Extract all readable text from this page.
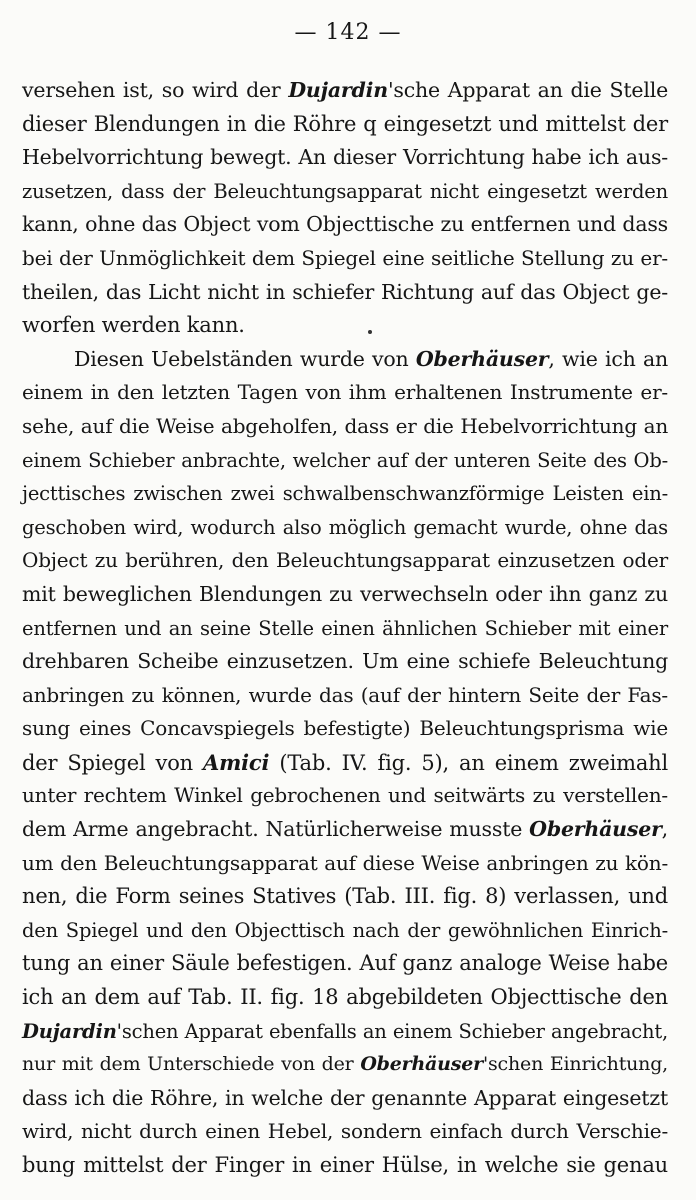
— 142 —
versehen ist, so wird der Dujardin'sche Apparat an die Stelle
dieser Blendungen in die Röhre q eingesetzt und mittelst der
Hebelvorrichtung bewegt. An dieser Vorrichtung habe ich aus-
zusetzen, dass der Beleuchtungsapparat nicht eingesetzt werden
kann, ohne das Object vom Objecttische zu entfernen und dass
bei der Unmöglichkeit dem Spiegel eine seitliche Stellung zu er-
theilen, das Licht nicht in schiefer Richtung auf das Object ge-
worfen werden kann.
Diesen Uebelständen wurde von Oberhäuser, wie ich an
einem in den letzten Tagen von ihm erhaltenen Instrumente er-
sehe, auf die Weise abgeholfen, dass er die Hebelvorrichtung an
einem Schieber anbrachte, welcher auf der unteren Seite des Ob-
jecttisches zwischen zwei schwalbenschwanzförmige Leisten ein-
geschoben wird, wodurch also möglich gemacht wurde, ohne das
Object zu berühren, den Beleuchtungsapparat einzusetzen oder
mit beweglichen Blendungen zu verwechseln oder ihn ganz zu
entfernen und an seine Stelle einen ähnlichen Schieber mit einer
drehbaren Scheibe einzusetzen. Um eine schiefe Beleuchtung
anbringen zu können, wurde das (auf der hintern Seite der Fas-
sung eines Concavspiegels befestigte) Beleuchtungsprisma wie
der Spiegel von Amici (Tab. IV. fig. 5), an einem zweimahl
unter rechtem Winkel gebrochenen und seitwärts zu verstellen-
dem Arme angebracht. Natürlicherweise musste Oberhäuser,
um den Beleuchtungsapparat auf diese Weise anbringen zu kön-
nen, die Form seines Statives (Tab. III. fig. 8) verlassen, und
den Spiegel und den Objecttisch nach der gewöhnlichen Einrich-
tung an einer Säule befestigen. Auf ganz analoge Weise habe
ich an dem auf Tab. II. fig. 18 abgebildeten Objecttische den
Dujardin'schen Apparat ebenfalls an einem Schieber angebracht,
nur mit dem Unterschiede von der Oberhäuser'schen Einrichtung,
dass ich die Röhre, in welche der genannte Apparat eingesetzt
wird, nicht durch einen Hebel, sondern einfach durch Verschie-
bung mittelst der Finger in einer Hülse, in welche sie genau
